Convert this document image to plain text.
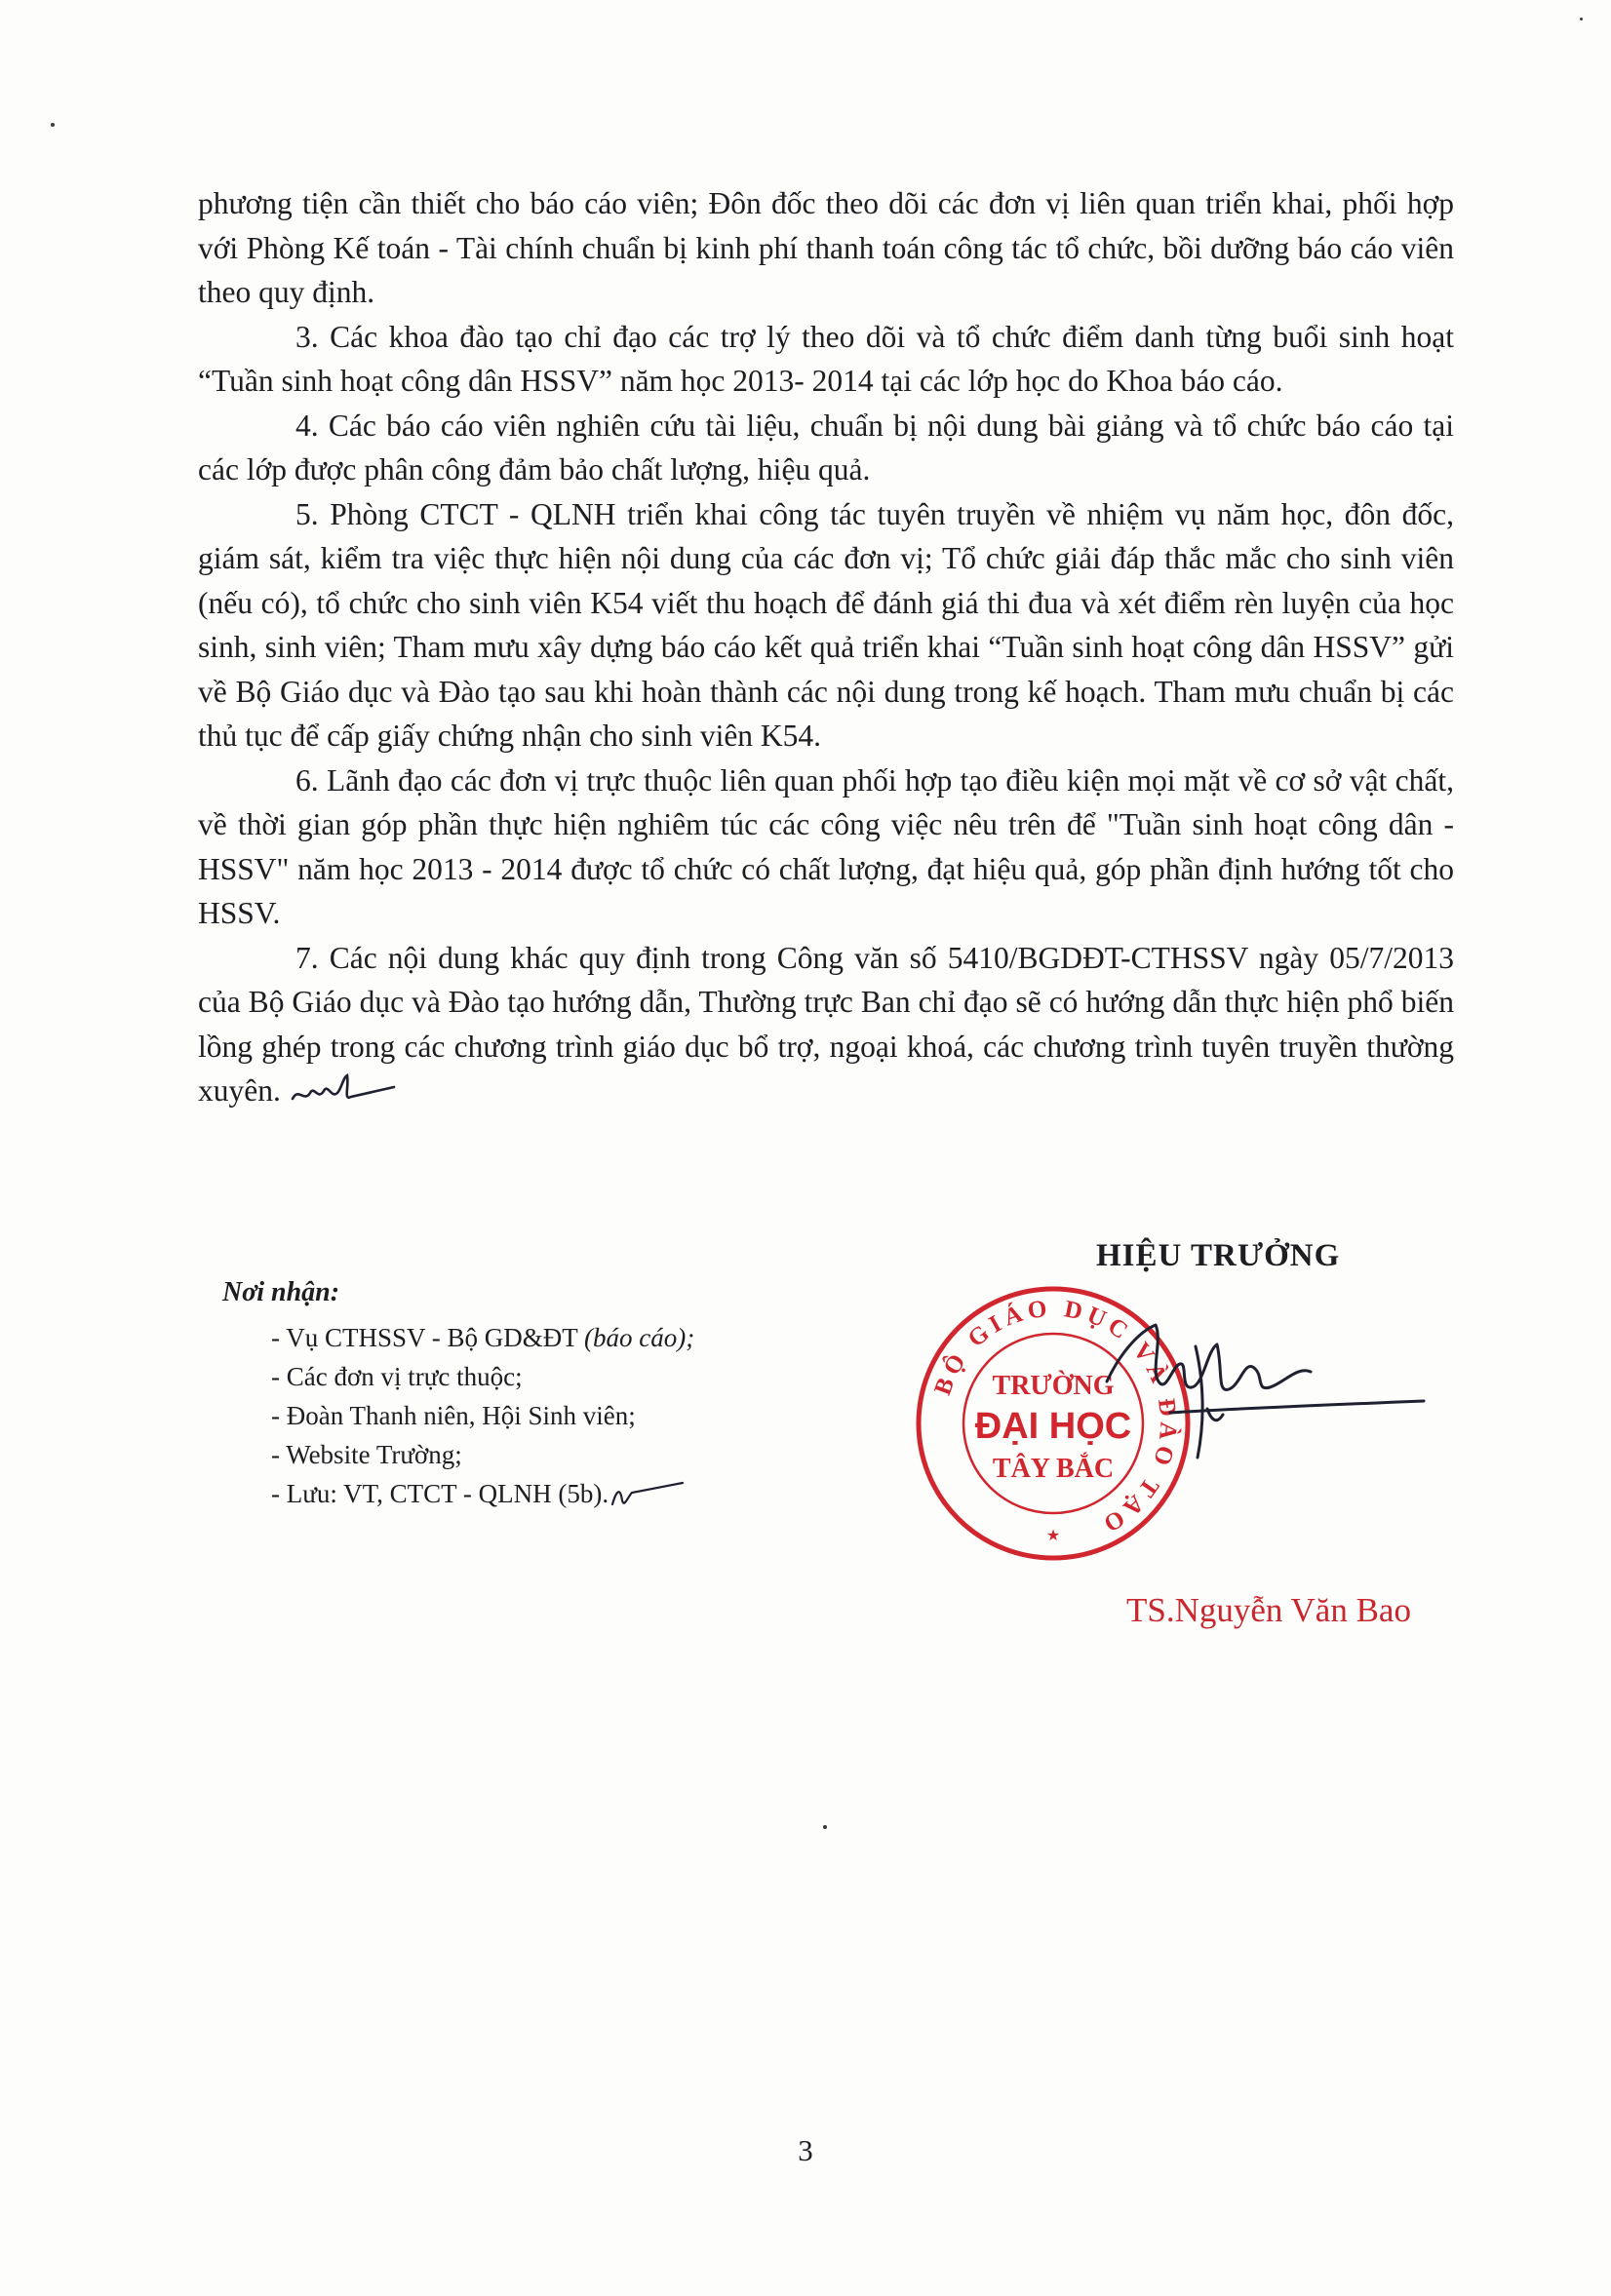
phương tiện cần thiết cho báo cáo viên; Đôn đốc theo dõi các đơn vị liên quan triển khai, phối hợp với Phòng Kế toán - Tài chính chuẩn bị kinh phí thanh toán công tác tổ chức, bồi dưỡng báo cáo viên theo quy định.

3. Các khoa đào tạo chỉ đạo các trợ lý theo dõi và tổ chức điểm danh từng buổi sinh hoạt “Tuần sinh hoạt công dân HSSV” năm học 2013- 2014 tại các lớp học do Khoa báo cáo.

4. Các báo cáo viên nghiên cứu tài liệu, chuẩn bị nội dung bài giảng và tổ chức báo cáo tại các lớp được phân công đảm bảo chất lượng, hiệu quả.

5. Phòng CTCT - QLNH triển khai công tác tuyên truyền về nhiệm vụ năm học, đôn đốc, giám sát, kiểm tra việc thực hiện nội dung của các đơn vị; Tổ chức giải đáp thắc mắc cho sinh viên (nếu có), tổ chức cho sinh viên K54 viết thu hoạch để đánh giá thi đua và xét điểm rèn luyện của học sinh, sinh viên; Tham mưu xây dựng báo cáo kết quả triển khai “Tuần sinh hoạt công dân HSSV” gửi về Bộ Giáo dục và Đào tạo sau khi hoàn thành các nội dung trong kế hoạch. Tham mưu chuẩn bị các thủ tục để cấp giấy chứng nhận cho sinh viên K54.

6. Lãnh đạo các đơn vị trực thuộc liên quan phối hợp tạo điều kiện mọi mặt về cơ sở vật chất, về thời gian góp phần thực hiện nghiêm túc các công việc nêu trên để "Tuần sinh hoạt công dân - HSSV" năm học 2013 - 2014 được tổ chức có chất lượng, đạt hiệu quả, góp phần định hướng tốt cho HSSV.

7. Các nội dung khác quy định trong Công văn số 5410/BGDĐT-CTHSSV ngày 05/7/2013 của Bộ Giáo dục và Đào tạo hướng dẫn, Thường trực Ban chỉ đạo sẽ có hướng dẫn thực hiện phổ biến lồng ghép trong các chương trình giáo dục bổ trợ, ngoại khoá, các chương trình tuyên truyền thường xuyên.

HIỆU TRƯỞNG
Nơi nhận:
- Vụ CTHSSV - Bộ GD&ĐT (báo cáo);
- Các đơn vị trực thuộc;
- Đoàn Thanh niên, Hội Sinh viên;
- Website Trường;
- Lưu: VT, CTCT - QLNH (5b).
BỘ GIÁO DỤC VÀ ĐÀO TẠO
★
TRƯỜNG
ĐẠI HỌC
TÂY BẮC
TS.Nguyễn Văn Bao
3
